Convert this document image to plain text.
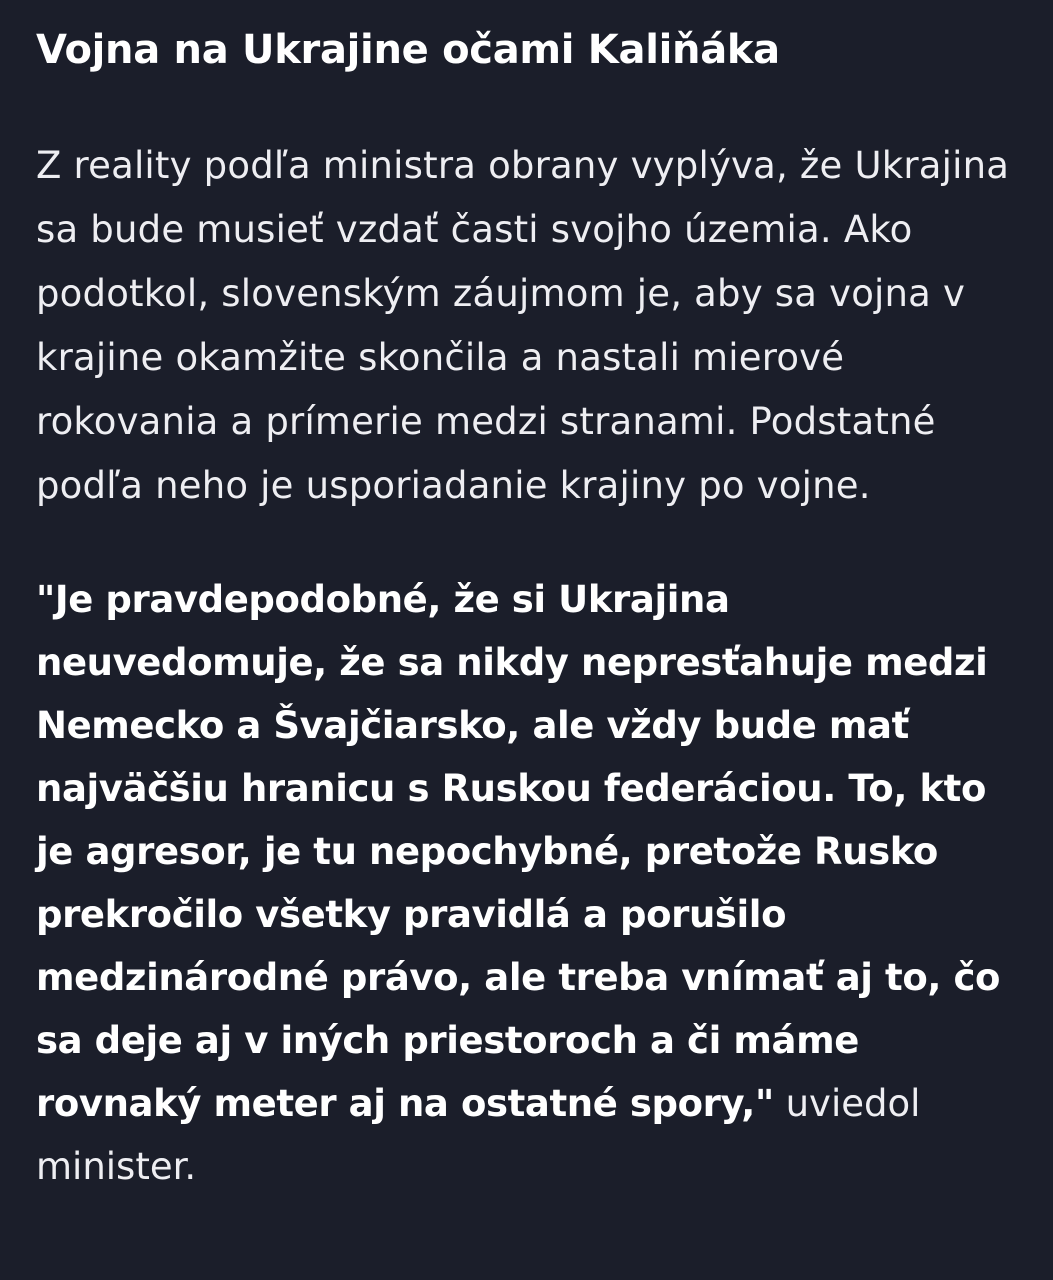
Vojna na Ukrajine očami Kaliňáka

Z reality podľa ministra obrany vyplýva, že Ukrajina sa bude musieť vzdať časti svojho územia. Ako podotkol, slovenským záujmom je, aby sa vojna v krajine okamžite skončila a nastali mierové rokovania a prímerie medzi stranami. Podstatné podľa neho je usporiadanie krajiny po vojne.

"Je pravdepodobné, že si Ukrajina neuvedomuje, že sa nikdy nepresťahuje medzi Nemecko a Švajčiarsko, ale vždy bude mať najväčšiu hranicu s Ruskou federáciou. To, kto je agresor, je tu nepochybné, pretože Rusko prekročilo všetky pravidlá a porušilo medzinárodné právo, ale treba vnímať aj to, čo sa deje aj v iných priestoroch a či máme rovnaký meter aj na ostatné spory," uviedol minister.
